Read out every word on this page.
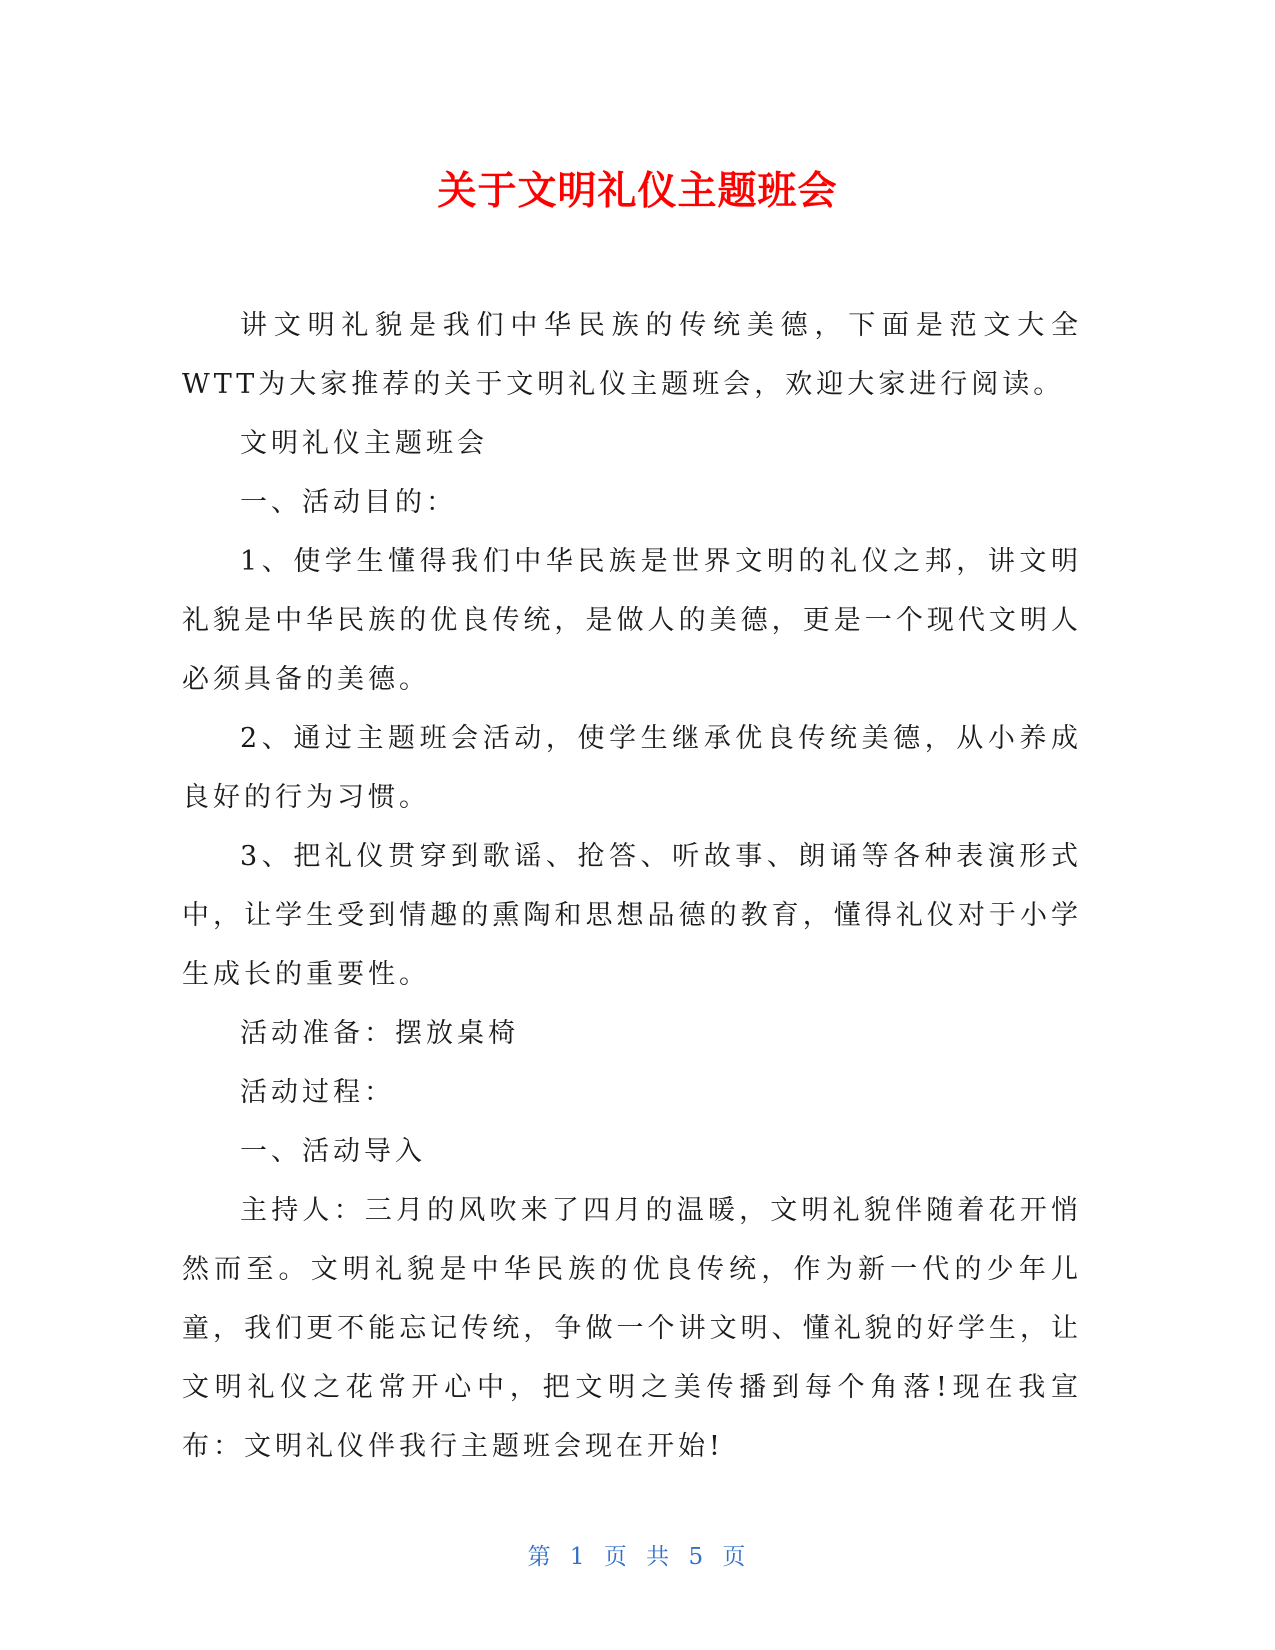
关于文明礼仪主题班会

讲文明礼貌是我们中华民族的传统美德，下面是范文大全WTT为大家推荐的关于文明礼仪主题班会，欢迎大家进行阅读。

文明礼仪主题班会

一、活动目的：

1、使学生懂得我们中华民族是世界文明的礼仪之邦，讲文明礼貌是中华民族的优良传统，是做人的美德，更是一个现代文明人必须具备的美德。

2、通过主题班会活动，使学生继承优良传统美德，从小养成良好的行为习惯。

3、把礼仪贯穿到歌谣、抢答、听故事、朗诵等各种表演形式中，让学生受到情趣的熏陶和思想品德的教育，懂得礼仪对于小学生成长的重要性。

活动准备：摆放桌椅

活动过程：

一、活动导入

主持人：三月的风吹来了四月的温暖，文明礼貌伴随着花开悄然而至。文明礼貌是中华民族的优良传统，作为新一代的少年儿童，我们更不能忘记传统，争做一个讲文明、懂礼貌的好学生，让文明礼仪之花常开心中，把文明之美传播到每个角落!现在我宣布：文明礼仪伴我行主题班会现在开始!

第 1 页 共 5 页
